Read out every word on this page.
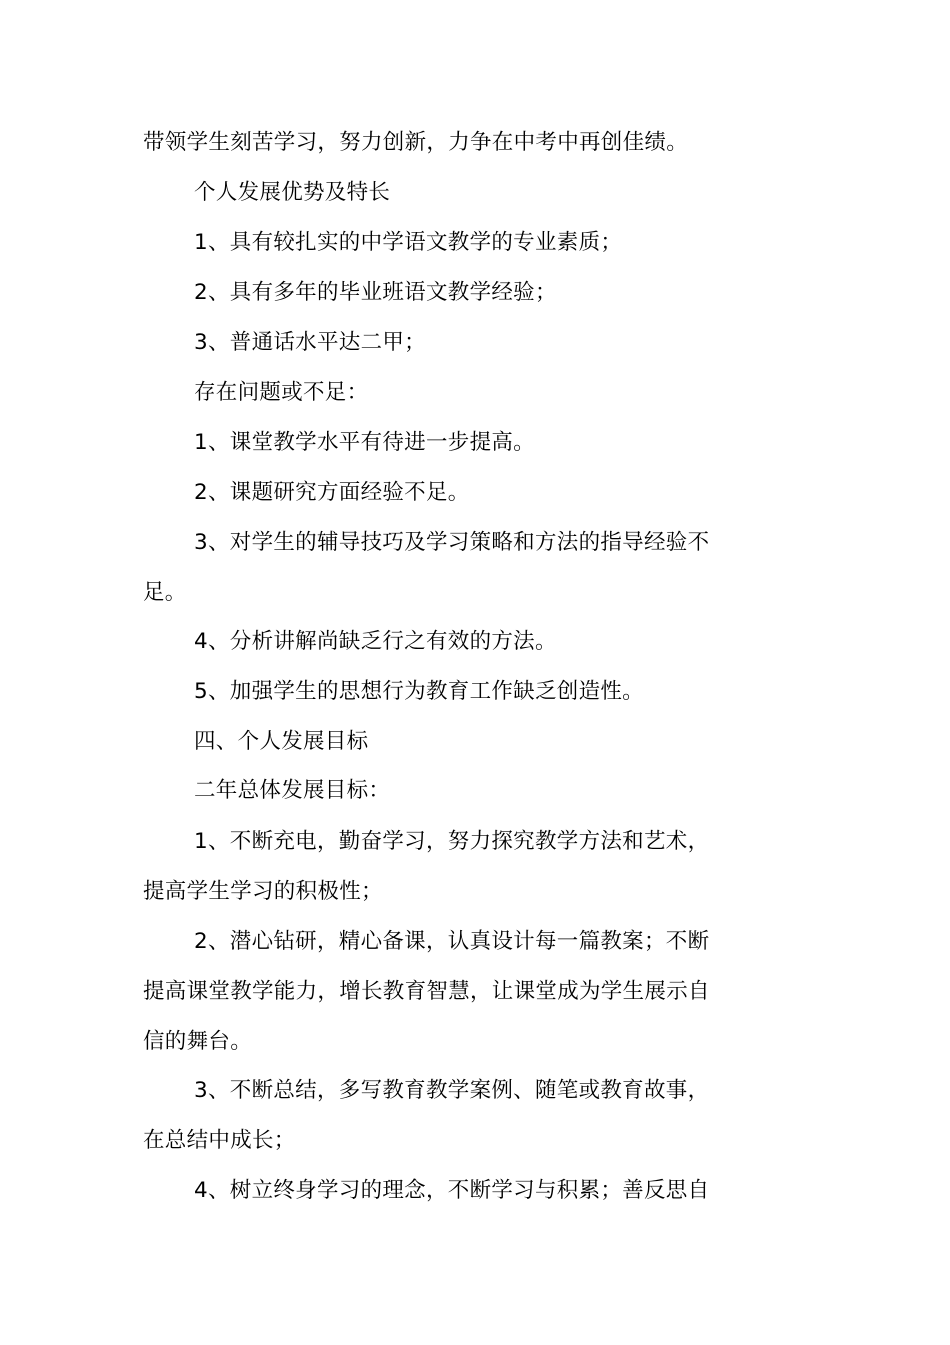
带领学生刻苦学习，努力创新，力争在中考中再创佳绩。
个人发展优势及特长
1、具有较扎实的中学语文教学的专业素质；
2、具有多年的毕业班语文教学经验；
3、普通话水平达二甲；
存在问题或不足：
1、课堂教学水平有待进一步提高。
2、课题研究方面经验不足。
3、对学生的辅导技巧及学习策略和方法的指导经验不
足。
4、分析讲解尚缺乏行之有效的方法。
5、加强学生的思想行为教育工作缺乏创造性。
四、个人发展目标
二年总体发展目标：
1、不断充电，勤奋学习，努力探究教学方法和艺术，
提高学生学习的积极性；
2、潜心钻研，精心备课，认真设计每一篇教案；不断
提高课堂教学能力，增长教育智慧，让课堂成为学生展示自
信的舞台。
3、不断总结，多写教育教学案例、随笔或教育故事，
在总结中成长；
4、树立终身学习的理念，不断学习与积累；善反思自
